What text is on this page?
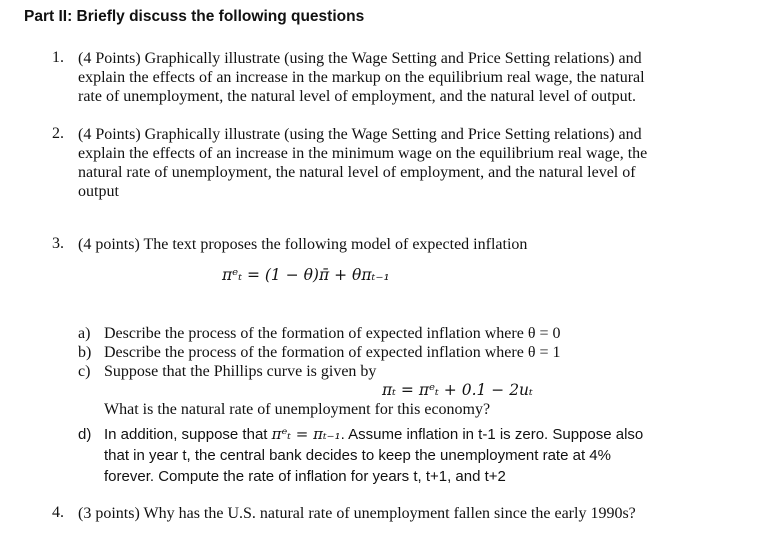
Part II: Briefly discuss the following questions
1. (4 Points) Graphically illustrate (using the Wage Setting and Price Setting relations) and
explain the effects of an increase in the markup on the equilibrium real wage, the natural
rate of unemployment, the natural level of employment, and the natural level of output.
2. (4 Points) Graphically illustrate (using the Wage Setting and Price Setting relations) and
explain the effects of an increase in the minimum wage on the equilibrium real wage, the
natural rate of unemployment, the natural level of employment, and the natural level of
output
3. (4 points) The text proposes the following model of expected inflation
πᵉₜ = (1 − θ)π̄ + θπₜ₋₁
a) Describe the process of the formation of expected inflation where θ = 0
b) Describe the process of the formation of expected inflation where θ = 1
c) Suppose that the Phillips curve is given by
πₜ = πᵉₜ + 0.1 − 2uₜ
What is the natural rate of unemployment for this economy?
d) In addition, suppose that πᵉₜ = πₜ₋₁. Assume inflation in t-1 is zero. Suppose also
that in year t, the central bank decides to keep the unemployment rate at 4%
forever. Compute the rate of inflation for years t, t+1, and t+2
4. (3 points) Why has the U.S. natural rate of unemployment fallen since the early 1990s?
